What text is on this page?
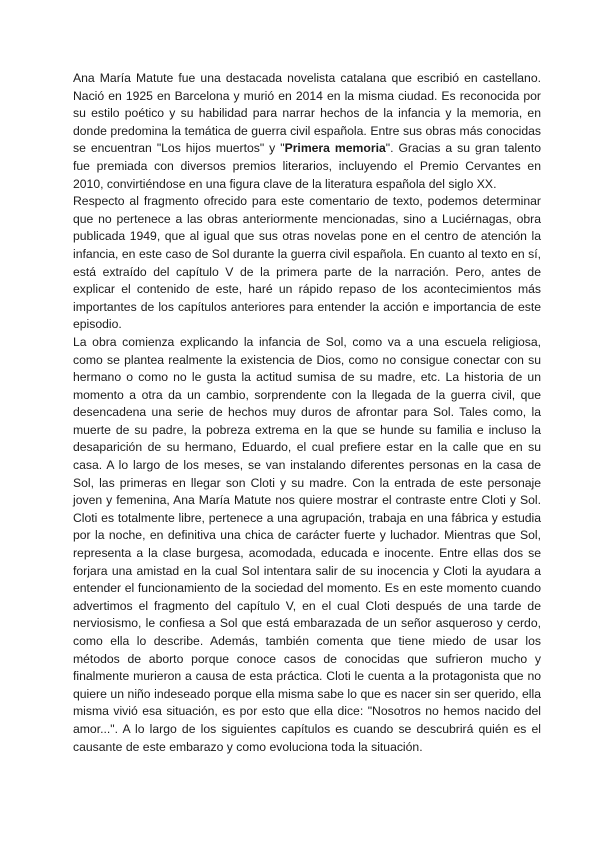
Ana María Matute fue una destacada novelista catalana que escribió en castellano. Nació en 1925 en Barcelona y murió en 2014 en la misma ciudad. Es reconocida por su estilo poético y su habilidad para narrar hechos de la infancia y la memoria, en donde predomina la temática de guerra civil española. Entre sus obras más conocidas se encuentran "Los hijos muertos" y "Primera memoria". Gracias a su gran talento fue premiada con diversos premios literarios, incluyendo el Premio Cervantes en 2010, convirtiéndose en una figura clave de la literatura española del siglo XX.

Respecto al fragmento ofrecido para este comentario de texto, podemos determinar que no pertenece a las obras anteriormente mencionadas, sino a Luciérnagas, obra publicada 1949, que al igual que sus otras novelas pone en el centro de atención la infancia, en este caso de Sol durante la guerra civil española. En cuanto al texto en sí, está extraído del capítulo V de la primera parte de la narración. Pero, antes de explicar el contenido de este, haré un rápido repaso de los acontecimientos más importantes de los capítulos anteriores para entender la acción e importancia de este episodio.

La obra comienza explicando la infancia de Sol, como va a una escuela religiosa, como se plantea realmente la existencia de Dios, como no consigue conectar con su hermano o como no le gusta la actitud sumisa de su madre, etc. La historia de un momento a otra da un cambio, sorprendente con la llegada de la guerra civil, que desencadena una serie de hechos muy duros de afrontar para Sol. Tales como, la muerte de su padre, la pobreza extrema en la que se hunde su familia e incluso la desaparición de su hermano, Eduardo, el cual prefiere estar en la calle que en su casa. A lo largo de los meses, se van instalando diferentes personas en la casa de Sol, las primeras en llegar son Cloti y su madre. Con la entrada de este personaje joven y femenina, Ana María Matute nos quiere mostrar el contraste entre Cloti y Sol. Cloti es totalmente libre, pertenece a una agrupación, trabaja en una fábrica y estudia por la noche, en definitiva una chica de carácter fuerte y luchador. Mientras que Sol, representa a la clase burgesa, acomodada, educada e inocente. Entre ellas dos se forjara una amistad en la cual Sol intentara salir de su inocencia y Cloti la ayudara a entender el funcionamiento de la sociedad del momento. Es en este momento cuando advertimos el fragmento del capítulo V, en el cual Cloti después de una tarde de nerviosismo, le confiesa a Sol que está embarazada de un señor asqueroso y cerdo, como ella lo describe. Además, también comenta que tiene miedo de usar los métodos de aborto porque conoce casos de conocidas que sufrieron mucho y finalmente murieron a causa de esta práctica. Cloti le cuenta a la protagonista que no quiere un niño indeseado porque ella misma sabe lo que es nacer sin ser querido, ella misma vivió esa situación, es por esto que ella dice: "Nosotros no hemos nacido del amor...". A lo largo de los siguientes capítulos es cuando se descubrirá quién es el causante de este embarazo y como evoluciona toda la situación.
